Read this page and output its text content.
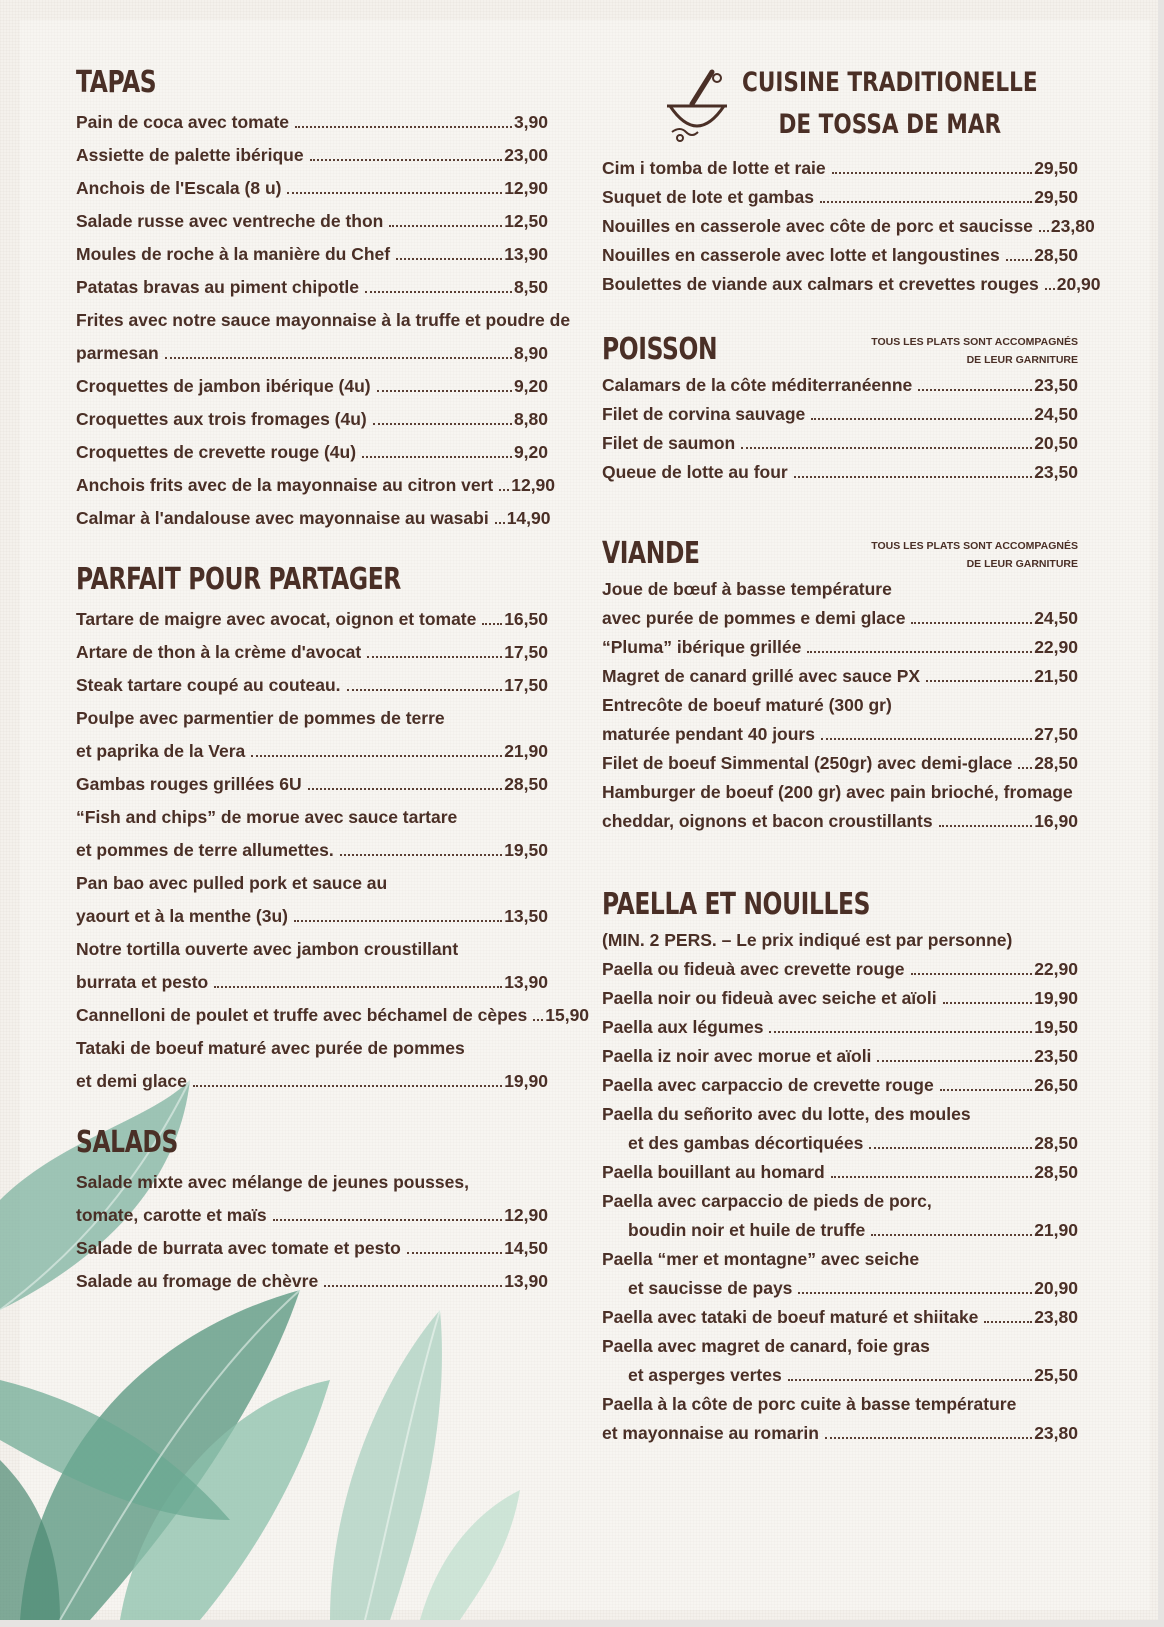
TAPAS
Pain de coca avec tomate	3,90
Assiette de palette ibérique	23,00
Anchois de l'Escala (8 u)	12,90
Salade russe avec ventreche de thon	12,50
Moules de roche à la manière du Chef	13,90
Patatas bravas au piment chipotle	8,50
Frites avec notre sauce mayonnaise à la truffe et poudre de
parmesan	8,90
Croquettes de jambon ibérique (4u)	9,20
Croquettes aux trois fromages (4u)	8,80
Croquettes de crevette rouge (4u)	9,20
Anchois frits avec de la mayonnaise au citron vert 12,90
Calmar à l'andalouse avec mayonnaise au wasabi 14,90
PARFAIT POUR PARTAGER
Tartare de maigre avec avocat, oignon et tomate 16,50
Artare de thon à la crème d'avocat	17,50
Steak tartare coupé au couteau.	17,50
Poulpe avec parmentier de pommes de terre
et paprika de la Vera	21,90
Gambas rouges grillées 6U	28,50
“Fish and chips” de morue avec sauce tartare
et pommes de terre allumettes.	19,50
Pan bao avec pulled pork et sauce au
yaourt et à la menthe (3u)	13,50
Notre tortilla ouverte avec jambon croustillant
burrata et pesto	13,90
Cannelloni de poulet et truffe avec béchamel de cèpes 15,90
Tataki de boeuf maturé avec purée de pommes
et demi glace	19,90
SALADS
Salade mixte avec mélange de jeunes pousses,
tomate, carotte et maïs	12,90
Salade de burrata avec tomate et pesto	14,50
Salade au fromage de chèvre	13,90
CUISINE TRADITIONELLE
DE TOSSA DE MAR
Cim i tomba de lotte et raie	29,50
Suquet de lote et gambas	29,50
Nouilles en casserole avec côte de porc et saucisse 23,80
Nouilles en casserole avec lotte et langoustines 28,50
Boulettes de viande aux calmars et crevettes rouges 20,90
TOUS LES PLATS SONT ACCOMPAGNÉS
DE LEUR GARNITURE
POISSON
Calamars de la côte méditerranéenne	23,50
Filet de corvina sauvage	24,50
Filet de saumon	20,50
Queue de lotte au four	23,50
TOUS LES PLATS SONT ACCOMPAGNÉS
DE LEUR GARNITURE
VIANDE
Joue de bœuf à basse température
avec purée de pommes e demi glace	24,50
“Pluma” ibérique grillée	22,90
Magret de canard grillé avec sauce PX	21,50
Entrecôte de boeuf maturé (300 gr)
maturée pendant 40 jours	27,50
Filet de boeuf Simmental (250gr) avec demi-glace 28,50
Hamburger de boeuf (200 gr) avec pain brioché, fromage
cheddar, oignons et bacon croustillants	16,90
PAELLA ET NOUILLES
(MIN. 2 PERS. – Le prix indiqué est par personne)
Paella ou fideuà avec crevette rouge	22,90
Paella noir ou fideuà avec seiche et aïoli	19,90
Paella aux légumes	19,50
Paella iz noir avec morue et aïoli	23,50
Paella avec carpaccio de crevette rouge	26,50
Paella du señorito avec du lotte, des moules
et des gambas décortiquées	28,50
Paella bouillant au homard	28,50
Paella avec carpaccio de pieds de porc,
boudin noir et huile de truffe	21,90
Paella “mer et montagne” avec seiche
et saucisse de pays	20,90
Paella avec tataki de boeuf maturé et shiitake	23,80
Paella avec magret de canard, foie gras
et asperges vertes	25,50
Paella à la côte de porc cuite à basse température
et mayonnaise au romarin	23,80
